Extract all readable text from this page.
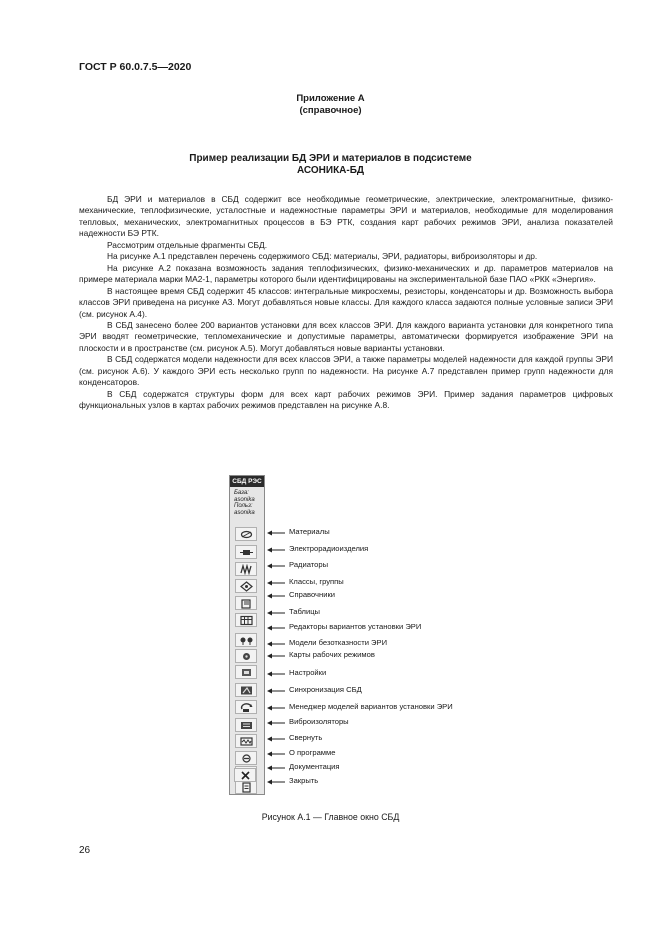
ГОСТ Р 60.0.7.5—2020
Приложение А
(справочное)
Пример реализации БД ЭРИ и материалов в подсистеме
АСОНИКА-БД

БД ЭРИ и материалов в СБД содержит все необходимые геометрические, электрические, электромагнитные, физико-механические, теплофизические, усталостные и надежностные параметры ЭРИ и материалов, необходимые для моделирования тепловых, механических, электромагнитных процессов в БЭ РТК, создания карт рабочих режимов ЭРИ, анализа показателей надежности БЭ РТК.

Рассмотрим отдельные фрагменты СБД.

На рисунке А.1 представлен перечень содержимого СБД: материалы, ЭРИ, радиаторы, виброизоляторы и др.

На рисунке А.2 показана возможность задания теплофизических, физико-механических и др. параметров материалов на примере материала марки МА2-1, параметры которого были идентифицированы на экспериментальной базе ПАО «РКК «Энергия».

В настоящее время СБД содержит 45 классов: интегральные микросхемы, резисторы, конденсаторы и др. Возможность выбора классов ЭРИ приведена на рисунке А3. Могут добавляться новые классы. Для каждого класса задаются полные условные записи ЭРИ (см. рисунок А.4).

В СБД занесено более 200 вариантов установки для всех классов ЭРИ. Для каждого варианта установки для конкретного типа ЭРИ вводят геометрические, тепломеханические и допустимые параметры, автоматически формируется изображение ЭРИ на плоскости и в пространстве (см. рисунок А.5). Могут добавляться новые варианты установки.

В СБД содержатся модели надежности для всех классов ЭРИ, а также параметры моделей надежности для каждой группы ЭРИ (см. рисунок А.6). У каждого ЭРИ есть несколько групп по надежности. На рисунке А.7 представлен пример групп надежности для конденсаторов.

В СБД содержатся структуры форм для всех карт рабочих режимов ЭРИ. Пример задания параметров цифровых функциональных узлов в картах рабочих режимов представлен на рисунке А.8.

СБД РЭС
База: asonika Польз: asonika
Материалы
Электрорадиоизделия
Радиаторы
Классы, группы
Справочники
Таблицы
Редакторы вариантов установки ЭРИ
Модели безотказности ЭРИ
Карты рабочих режимов
Настройки
Синхронизация СБД
Менеджер моделей вариантов установки ЭРИ
Виброизоляторы
Свернуть
О программе
Документация
Закрыть
Рисунок А.1 — Главное окно СБД
26
